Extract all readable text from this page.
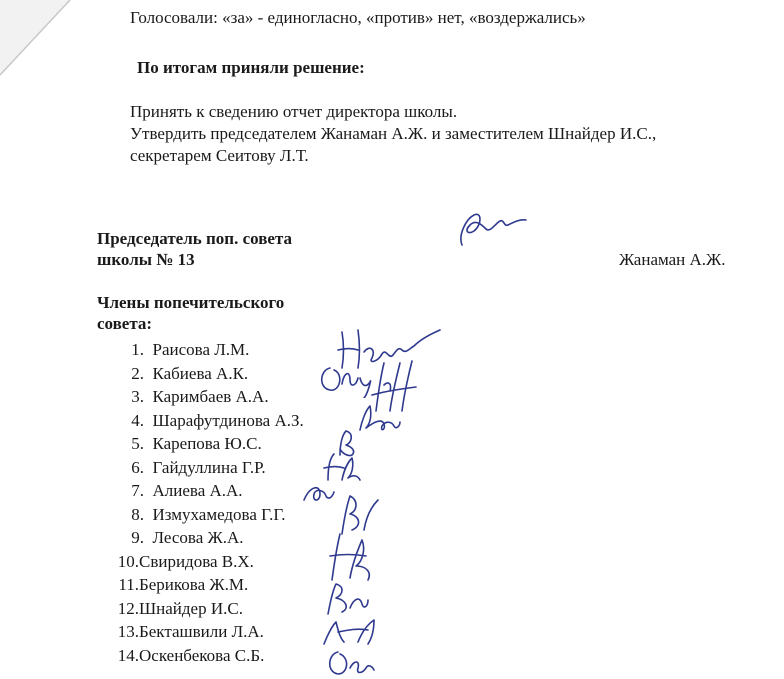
Голосовали: «за» - единогласно, «против» нет, «воздержались»
По итогам приняли решение:
Принять к сведению отчет директора школы.
Утвердить председателем Жанаман А.Ж. и заместителем Шнайдер И.С.,
секретарем Сеитову Л.Т.
Председатель поп. совета
школы № 13	Жанаман А.Ж.
Члены попечительского
совета:
1. Раисова Л.М.
2. Кабиева А.К.
3. Каримбаев А.А.
4. Шарафутдинова А.З.
5. Карепова Ю.С.
6. Гайдуллина Г.Р.
7. Алиева А.А.
8. Измухамедова Г.Г.
9. Лесова Ж.А.
10.Свиридова В.Х.
11.Берикова Ж.М.
12.Шнайдер И.С.
13.Бекташвили Л.А.
14.Оскенбекова С.Б.
